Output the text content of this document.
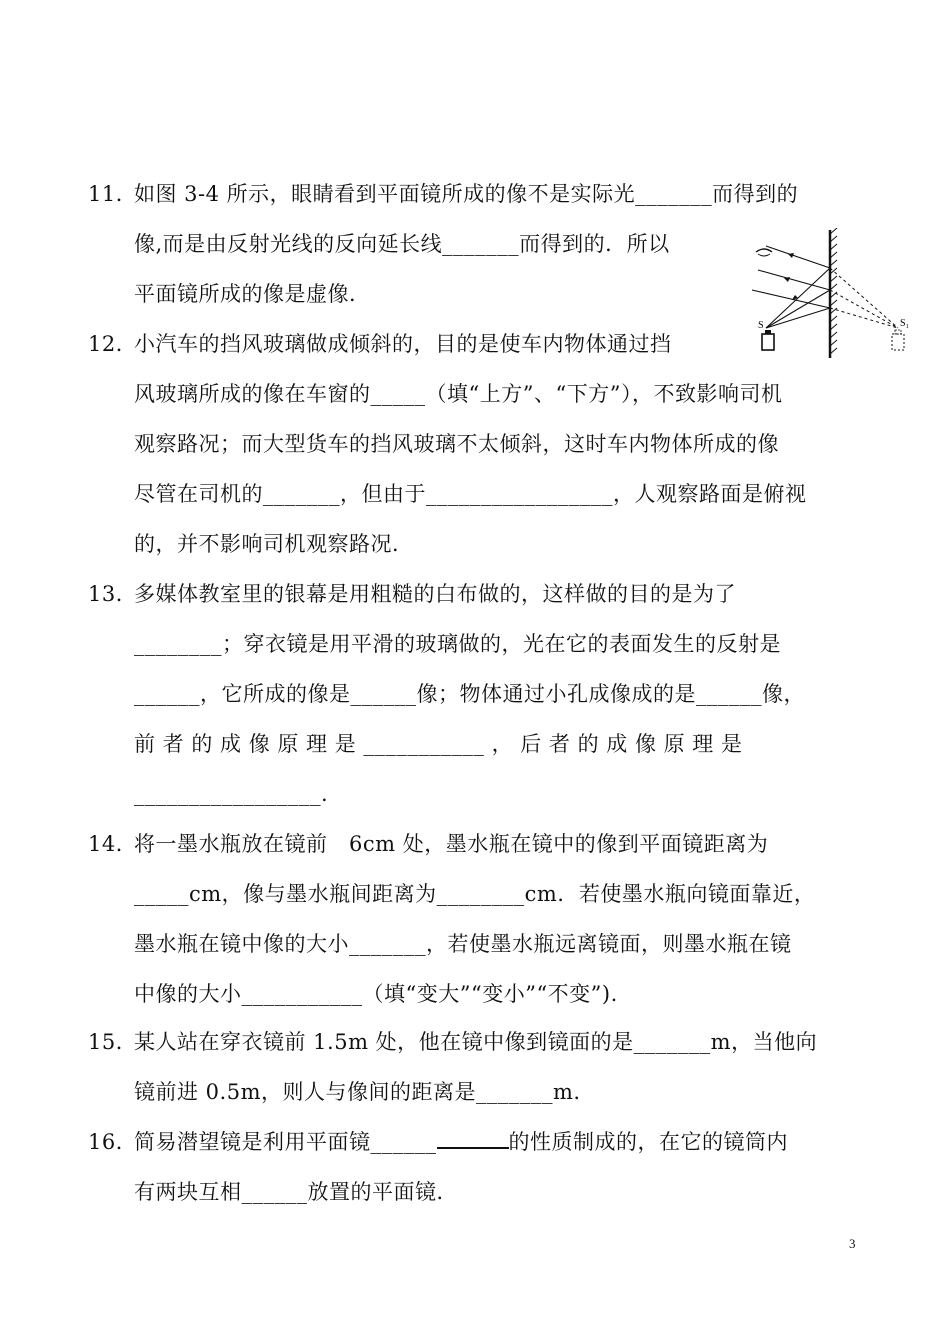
11．如图 3-4 所示，眼睛看到平面镜所成的像不是实际光_______而得到的
像,而是由反射光线的反向延长线_______而得到的．所以
平面镜所成的像是虚像．
S	S₁
12．小汽车的挡风玻璃做成倾斜的，目的是使车内物体通过挡
风玻璃所成的像在车窗的_____（填“上方”、“下方”），不致影响司机
观察路况；而大型货车的挡风玻璃不太倾斜，这时车内物体所成的像
尽管在司机的_______，但由于_________________，人观察路面是俯视
的，并不影响司机观察路况．
13．多媒体教室里的银幕是用粗糙的白布做的，这样做的目的是为了
________；穿衣镜是用平滑的玻璃做的，光在它的表面发生的反射是
______，它所成的像是______像；物体通过小孔成像成的是______像，
前 者 的 成 像 原 理 是 ___________ ， 后 者 的 成 像 原 理 是
_________________.
14．将一墨水瓶放在镜前   6cm 处，墨水瓶在镜中的像到平面镜距离为
_____cm，像与墨水瓶间距离为________cm．若使墨水瓶向镜面靠近，
墨水瓶在镜中像的大小_______，若使墨水瓶远离镜面，则墨水瓶在镜
中像的大小___________（填“变大”“变小”“不变”).
15．某人站在穿衣镜前 1.5m 处，他在镜中像到镜面的是_______m，当他向
镜前进 0.5m，则人与像间的距离是_______m.
16．简易潜望镜是利用平面镜______	的性质制成的，在它的镜筒内
有两块互相______放置的平面镜．
3
